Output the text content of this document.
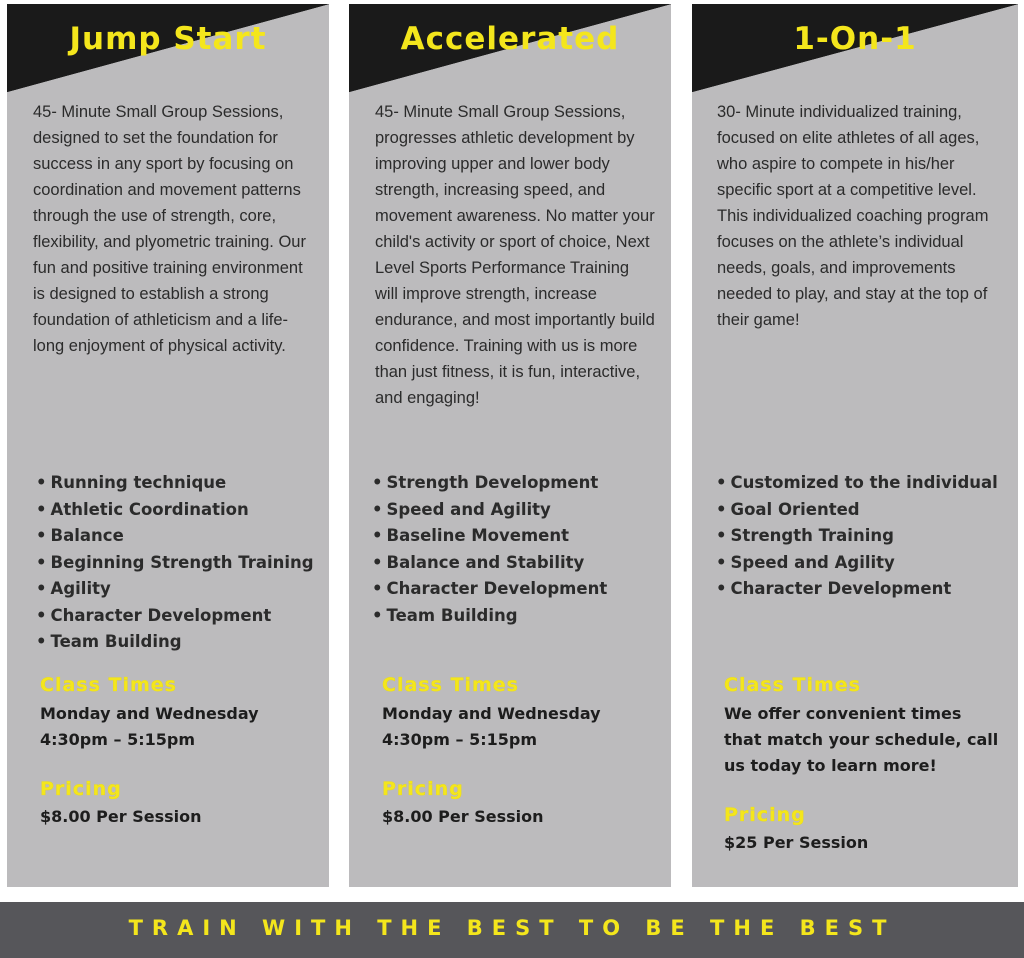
Jump Start

45- Minute Small Group Sessions, designed to set the foundation for success in any sport by focusing on coordination and movement patterns through the use of strength, core, flexibility, and plyometric training. Our fun and positive training environment is designed to establish a strong foundation of athleticism and a life-long enjoyment of physical activity.

• Running technique
• Athletic Coordination
• Balance
• Beginning Strength Training
• Agility
• Character Development
• Team Building
Class Times

Monday and Wednesday
4:30pm – 5:15pm

Pricing

$8.00 Per Session

Accelerated

45- Minute Small Group Sessions, progresses athletic development by improving upper and lower body strength, increasing speed, and movement awareness. No matter your child's activity or sport of choice, Next Level Sports Performance Training will improve strength, increase endurance, and most importantly build confidence. Training with us is more than just fitness, it is fun, interactive, and engaging!

• Strength Development
• Speed and Agility
• Baseline Movement
• Balance and Stability
• Character Development
• Team Building
Class Times

Monday and Wednesday
4:30pm – 5:15pm

Pricing

$8.00 Per Session

1-On-1

30- Minute individualized training, focused on elite athletes of all ages, who aspire to compete in his/her specific sport at a competitive level. This individualized coaching program focuses on the athlete’s individual needs, goals, and improvements needed to play, and stay at the top of their game!

• Customized to the individual
• Goal Oriented
• Strength Training
• Speed and Agility
• Character Development
Class Times

We offer convenient times
that match your schedule, call
us today to learn more!

Pricing

$25 Per Session

TRAIN WITH THE BEST TO BE THE BEST
